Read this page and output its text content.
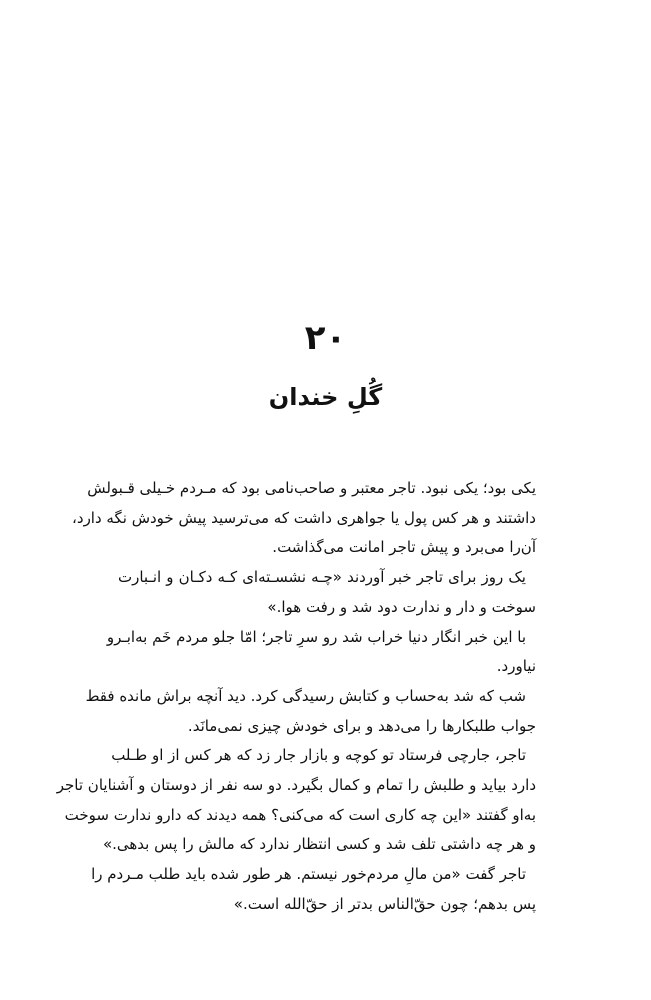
۲۰
گُلِ خندان
یکی بود؛ یکی نبود. تاجر معتبر و صاحب‌نامی بود که مـردم خـیلی قـبولش
داشتند و هر کس پول یا جواهری داشت که می‌ترسید پیش خودش نگه دارد،
آن‌را می‌برد و پیش تاجر امانت می‌گذاشت.
یک روز برای تاجر خبر آوردند «چـه نشسـته‌ای کـه دکـان و انـبارت
سوخت و دار و ندارت دود شد و رفت هوا.»
با این خبر انگار دنیا خراب شد رو سرِ تاجر؛ امّا جلو مردم خَم به‌ابـرو
نیاورد.
شب که شد به‌حساب و کتابش رسیدگی کرد. دید آنچه براش مانده فقط
جواب طلبکارها را می‌دهد و برای خودش چیزی نمی‌مانَد.
تاجر، جارچی فرستاد تو کوچه و بازار جار زد که هر کس از او طـلب
دارد بیاید و طلبش را تمام و کمال بگیرد. دو سه نفر از دوستان و آشنایان تاجر
به‌او گفتند «این چه کاری است که می‌کنی؟ همه دیدند که دارو ندارت سوخت
و هر چه داشتی تلف شد و کسی انتظار ندارد که مالش را پس بدهی.»
تاجر گفت «من مالِ مردم‌خور نیستم. هر طور شده باید طلب مـردم را
پس بدهم؛ چون حقّ‌الناس بدتر از حقّ‌الله است.»
